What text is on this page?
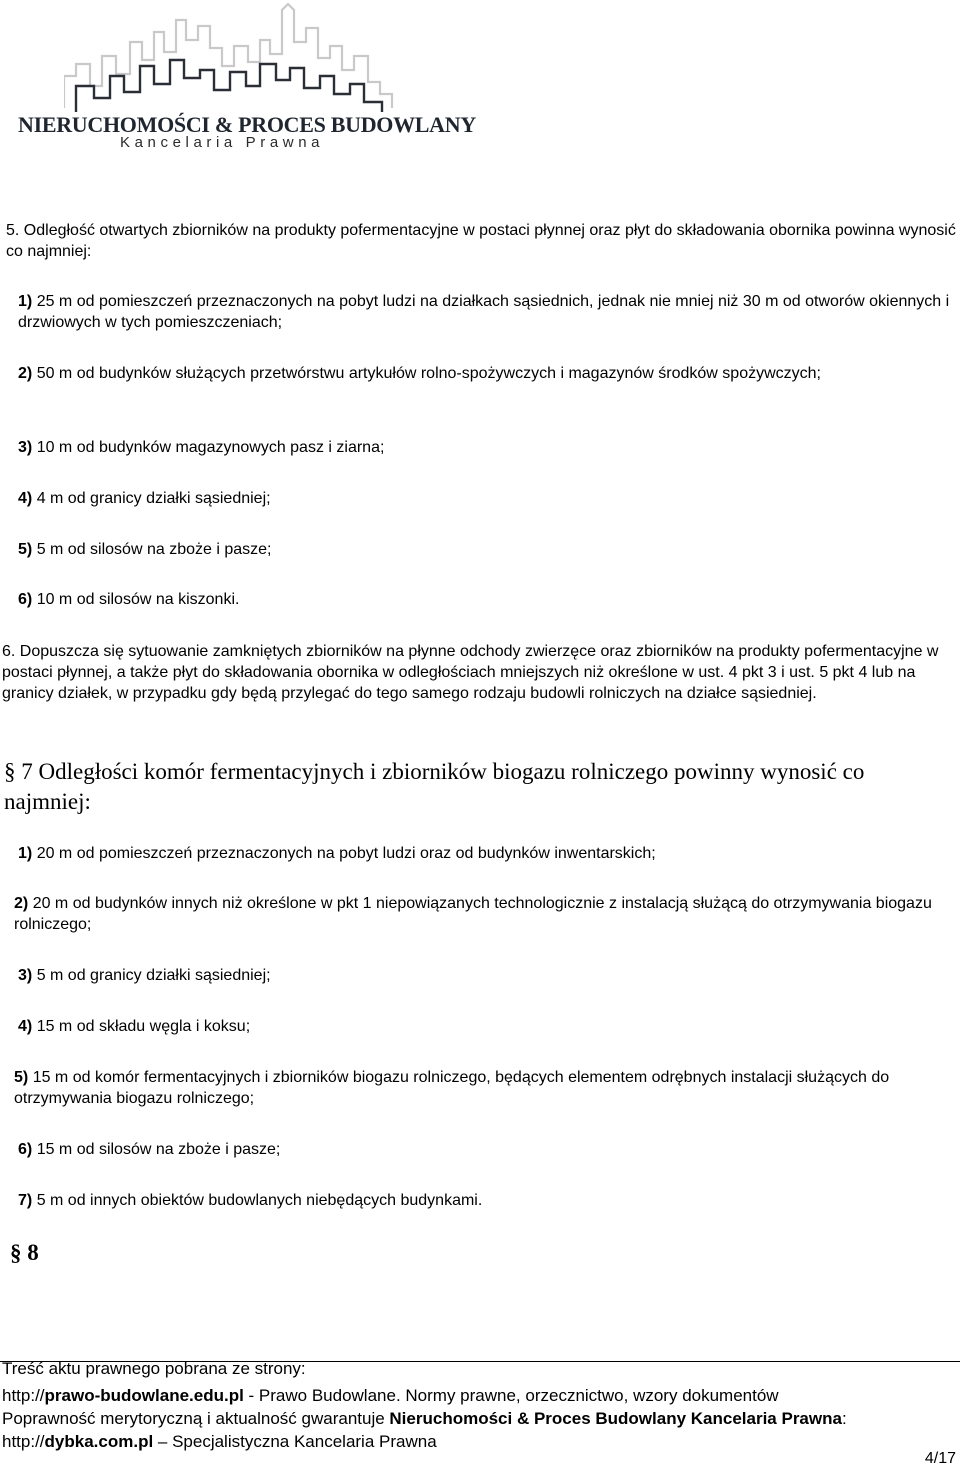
NIERUCHOMOŚCI & PROCES BUDOWLANY
Kancelaria Prawna

5. Odległość otwartych zbiorników na produkty pofermentacyjne w postaci płynnej oraz płyt do składowania obornika powinna wynosić co najmniej:

1) 25 m od pomieszczeń przeznaczonych na pobyt ludzi na działkach sąsiednich, jednak nie mniej niż 30 m od otworów okiennych i drzwiowych w tych pomieszczeniach;

2) 50 m od budynków służących przetwórstwu artykułów rolno-spożywczych i magazynów środków spożywczych;

3) 10 m od budynków magazynowych pasz i ziarna;

4) 4 m od granicy działki sąsiedniej;

5) 5 m od silosów na zboże i pasze;

6) 10 m od silosów na kiszonki.

6. Dopuszcza się sytuowanie zamkniętych zbiorników na płynne odchody zwierzęce oraz zbiorników na produkty pofermentacyjne w postaci płynnej, a także płyt do składowania obornika w odległościach mniejszych niż określone w ust. 4 pkt 3 i ust. 5 pkt 4 lub na granicy działek, w przypadku gdy będą przylegać do tego samego rodzaju budowli rolniczych na działce sąsiedniej.

§ 7 Odległości komór fermentacyjnych i zbiorników biogazu rolniczego powinny wynosić co najmniej:

1) 20 m od pomieszczeń przeznaczonych na pobyt ludzi oraz od budynków inwentarskich;

2) 20 m od budynków innych niż określone w pkt 1 niepowiązanych technologicznie z instalacją służącą do otrzymywania biogazu rolniczego;

3) 5 m od granicy działki sąsiedniej;

4) 15 m od składu węgla i koksu;

5) 15 m od komór fermentacyjnych i zbiorników biogazu rolniczego, będących elementem odrębnych instalacji służących do otrzymywania biogazu rolniczego;

6) 15 m od silosów na zboże i pasze;

7) 5 m od innych obiektów budowlanych niebędących budynkami.

§ 8
Treść aktu prawnego pobrana ze strony:
http://prawo-budowlane.edu.pl - Prawo Budowlane. Normy prawne, orzecznictwo, wzory dokumentów
Poprawność merytoryczną i aktualność gwarantuje Nieruchomości & Proces Budowlany Kancelaria Prawna:
http://dybka.com.pl – Specjalistyczna Kancelaria Prawna
4/17
